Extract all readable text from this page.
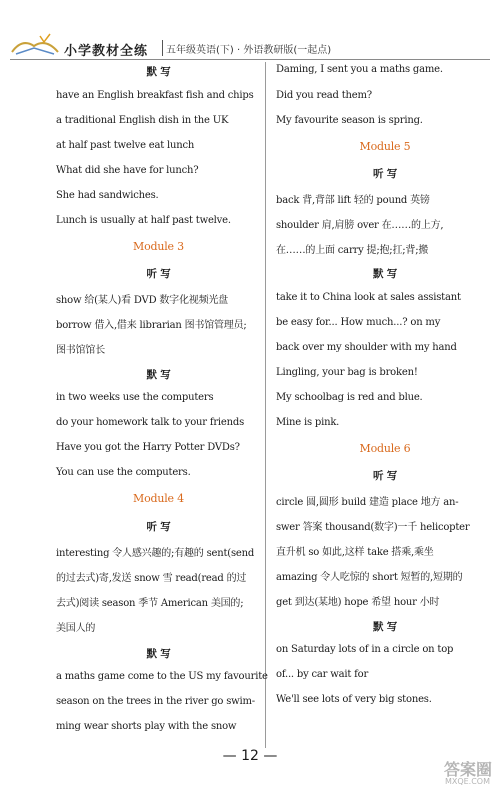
小学教材全练 五年级英语(下) · 外语教研版(一起点)
默 写
have an English breakfast fish and chips
a traditional English dish in the UK
at half past twelve eat lunch
What did she have for lunch?
She had sandwiches.
Lunch is usually at half past twelve.
Module 3
听 写
show 给(某人)看 DVD 数字化视频光盘
borrow 借入,借来 librarian 图书馆管理员;
图书馆馆长
默 写
in two weeks use the computers
do your homework talk to your friends
Have you got the Harry Potter DVDs?
You can use the computers.
Module 4
听 写
interesting 令人感兴趣的;有趣的 sent(send
的过去式)寄,发送 snow 雪 read(read 的过
去式)阅读 season 季节 American 美国的;
美国人的
默 写
a maths game come to the US my favourite
season on the trees in the river go swim-
ming wear shorts play with the snow
Daming, I sent you a maths game.
Did you read them?
My favourite season is spring.
Module 5
听 写
back 背,背部 lift 轻的 pound 英镑
shoulder 肩,肩膀 over 在……的上方,
在……的上面 carry 提;抱;扛;背;搬
默 写
take it to China look at sales assistant
be easy for... How much...? on my
back over my shoulder with my hand
Lingling, your bag is broken!
My schoolbag is red and blue.
Mine is pink.
Module 6
听 写
circle 圆,圆形 build 建造 place 地方 an-
swer 答案 thousand(数字)一千 helicopter
直升机 so 如此,这样 take 搭乘,乘坐
amazing 令人吃惊的 short 短暂的,短期的
get 到达(某地) hope 希望 hour 小时
默 写
on Saturday lots of in a circle on top
of... by car wait for
We'll see lots of very big stones.
— 12 —
答案圈
MXQE.COM
